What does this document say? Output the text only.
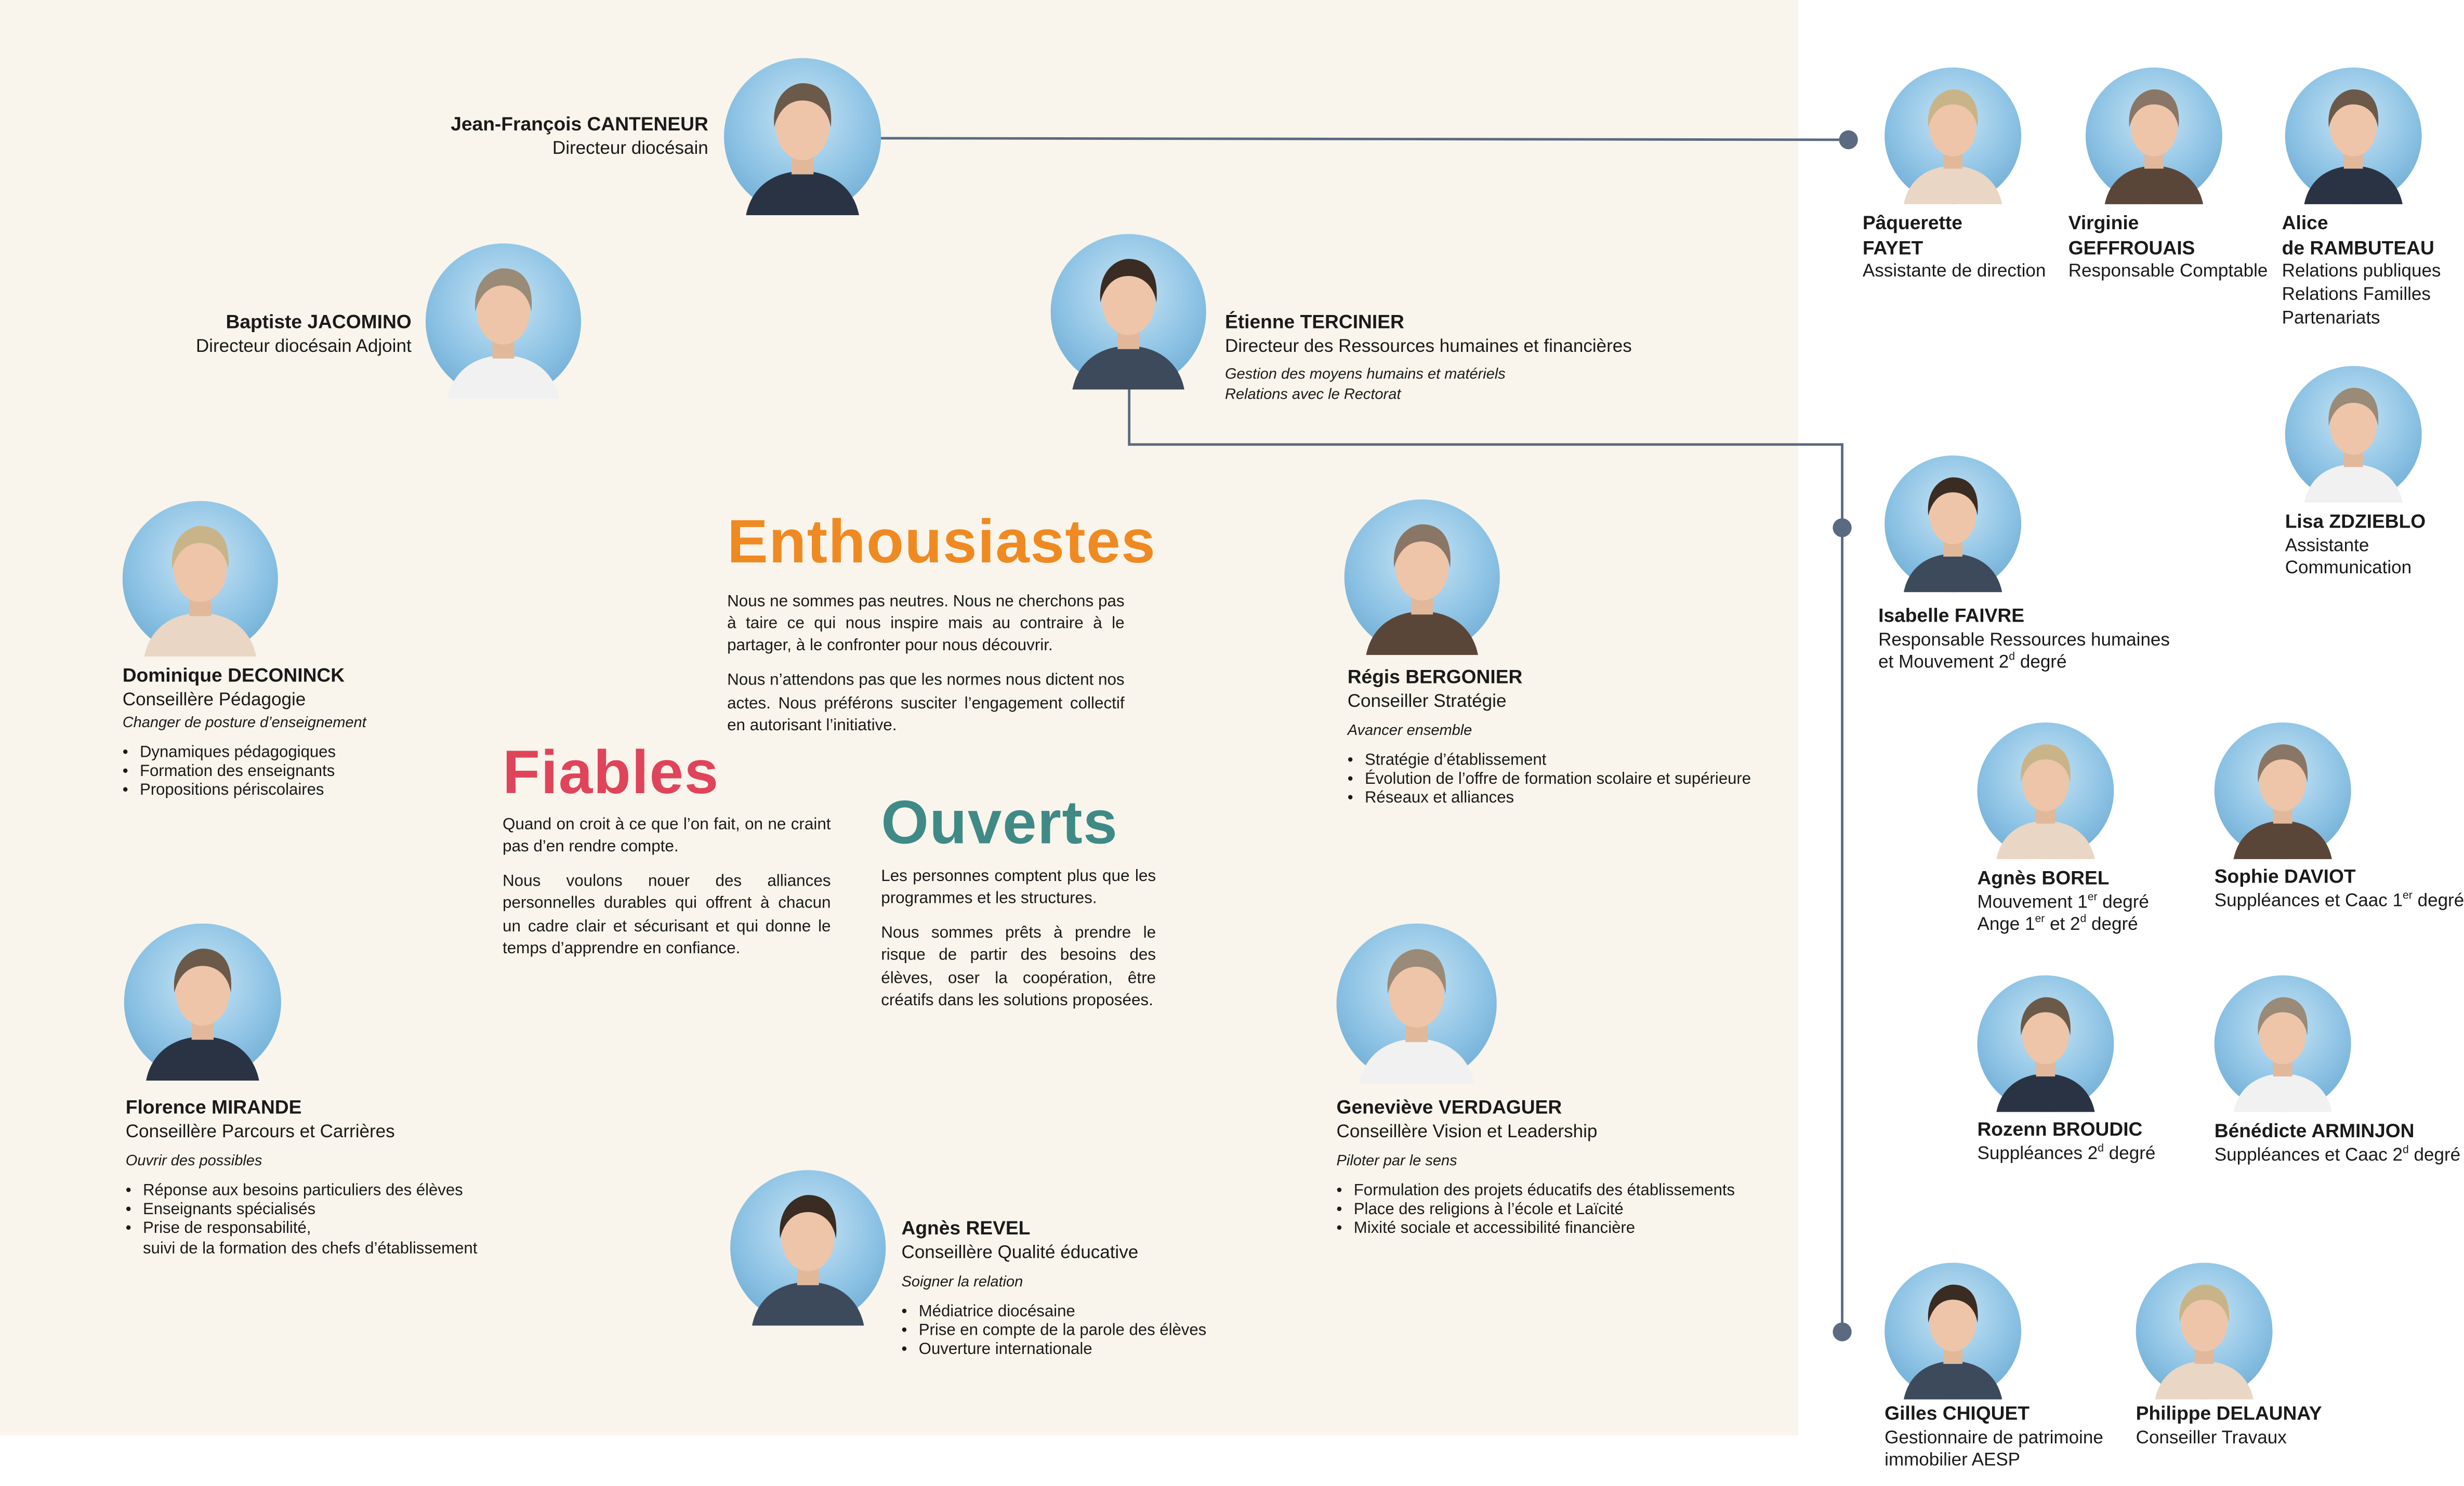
Jean-François CANTENEUR
Directeur diocésain
Baptiste JACOMINO
Directeur diocésain Adjoint
Étienne TERCINIER
Directeur des Ressources humaines et financières
Gestion des moyens humains et matériels
Relations avec le Rectorat
Dominique DECONINCK
Conseillère Pédagogie
Changer de posture d’enseignement
• Dynamiques pédagogiques
• Formation des enseignants
• Propositions périscolaires
Régis BERGONIER
Conseiller Stratégie
Avancer ensemble
• Stratégie d’établissement
• Évolution de l’offre de formation scolaire et supérieure
• Réseaux et alliances
Florence MIRANDE
Conseillère Parcours et Carrières
Ouvrir des possibles
• Réponse aux besoins particuliers des élèves
• Enseignants spécialisés
• Prise de responsabilité,
suivi de la formation des chefs d’établissement
Geneviève VERDAGUER
Conseillère Vision et Leadership
Piloter par le sens
• Formulation des projets éducatifs des établissements
• Place des religions à l’école et Laïcité
• Mixité sociale et accessibilité financière
Agnès REVEL
Conseillère Qualité éducative
Soigner la relation
• Médiatrice diocésaine
• Prise en compte de la parole des élèves
• Ouverture internationale
Enthousiastes

Nous ne sommes pas neutres. Nous ne cherchons pas à taire ce qui nous inspire mais au contraire à le partager, à le confronter pour nous découvrir.

Nous n’attendons pas que les normes nous dictent nos actes. Nous préférons susciter l’engagement collectif en autorisant l’initiative.

Fiables

Quand on croit à ce que l’on fait, on ne craint pas d’en rendre compte.

Nous voulons nouer des alliances personnelles durables qui offrent à chacun un cadre clair et sécurisant et qui donne le temps d’apprendre en confiance.

Ouverts

Les personnes comptent plus que les programmes et les structures.

Nous sommes prêts à prendre le risque de partir des besoins des élèves, oser la coopération, être créatifs dans les solutions proposées.

Pâquerette
FAYET
Assistante de direction
Virginie
GEFFROUAIS
Responsable Comptable
Alice
de RAMBUTEAU
Relations publiques
Relations Familles
Partenariats
Lisa ZDZIEBLO
Assistante
Communication
Isabelle FAIVRE
Responsable Ressources humaines
et Mouvement 2$^d$ degré
Agnès BOREL
Mouvement 1er degré
Ange 1er et 2$^d$ degré
Sophie DAVIOT
Suppléances et Caac 1er degré
Rozenn BROUDIC
Suppléances 2$^d$ degré
Bénédicte ARMINJON
Suppléances et Caac 2$^d$ degré
Gilles CHIQUET
Gestionnaire de patrimoine
immobilier AESP
Philippe DELAUNAY
Conseiller Travaux
